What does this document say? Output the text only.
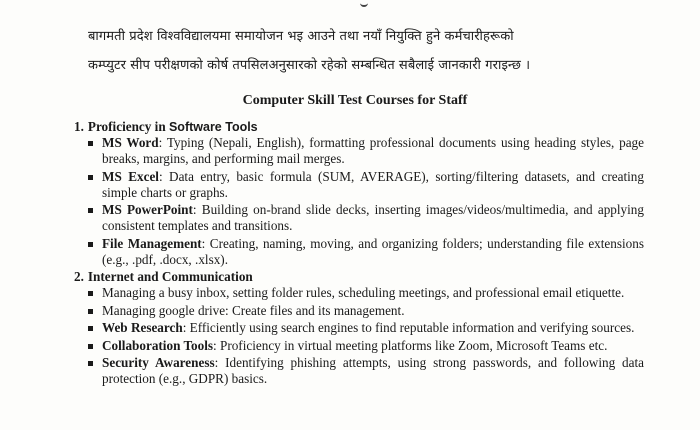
बागमती प्रदेश विश्वविद्यालयमा समायोजन भइ आउने तथा नयाँ नियुक्ति हुने कर्मचारीहरूको
कम्प्युटर सीप परीक्षणको कोर्ष तपसिलअनुसारको रहेको सम्बन्धित सबैलाई जानकारी गराइन्छ ।
Computer Skill Test Courses for Staff

1. Proficiency in Software Tools

MS Word: Typing (Nepali, English), formatting professional documents using heading styles, page breaks, margins, and performing mail merges.
MS Excel: Data entry, basic formula (SUM, AVERAGE), sorting/filtering datasets, and creating simple charts or graphs.
MS PowerPoint: Building on-brand slide decks, inserting images/videos/multimedia, and applying consistent templates and transitions.
File Management: Creating, naming, moving, and organizing folders; understanding file extensions (e.g., .pdf, .docx, .xlsx).

2. Internet and Communication

Managing a busy inbox, setting folder rules, scheduling meetings, and professional email etiquette.
Managing google drive: Create files and its management.
Web Research: Efficiently using search engines to find reputable information and verifying sources.
Collaboration Tools: Proficiency in virtual meeting platforms like Zoom, Microsoft Teams etc.
Security Awareness: Identifying phishing attempts, using strong passwords, and following data protection (e.g., GDPR) basics.
